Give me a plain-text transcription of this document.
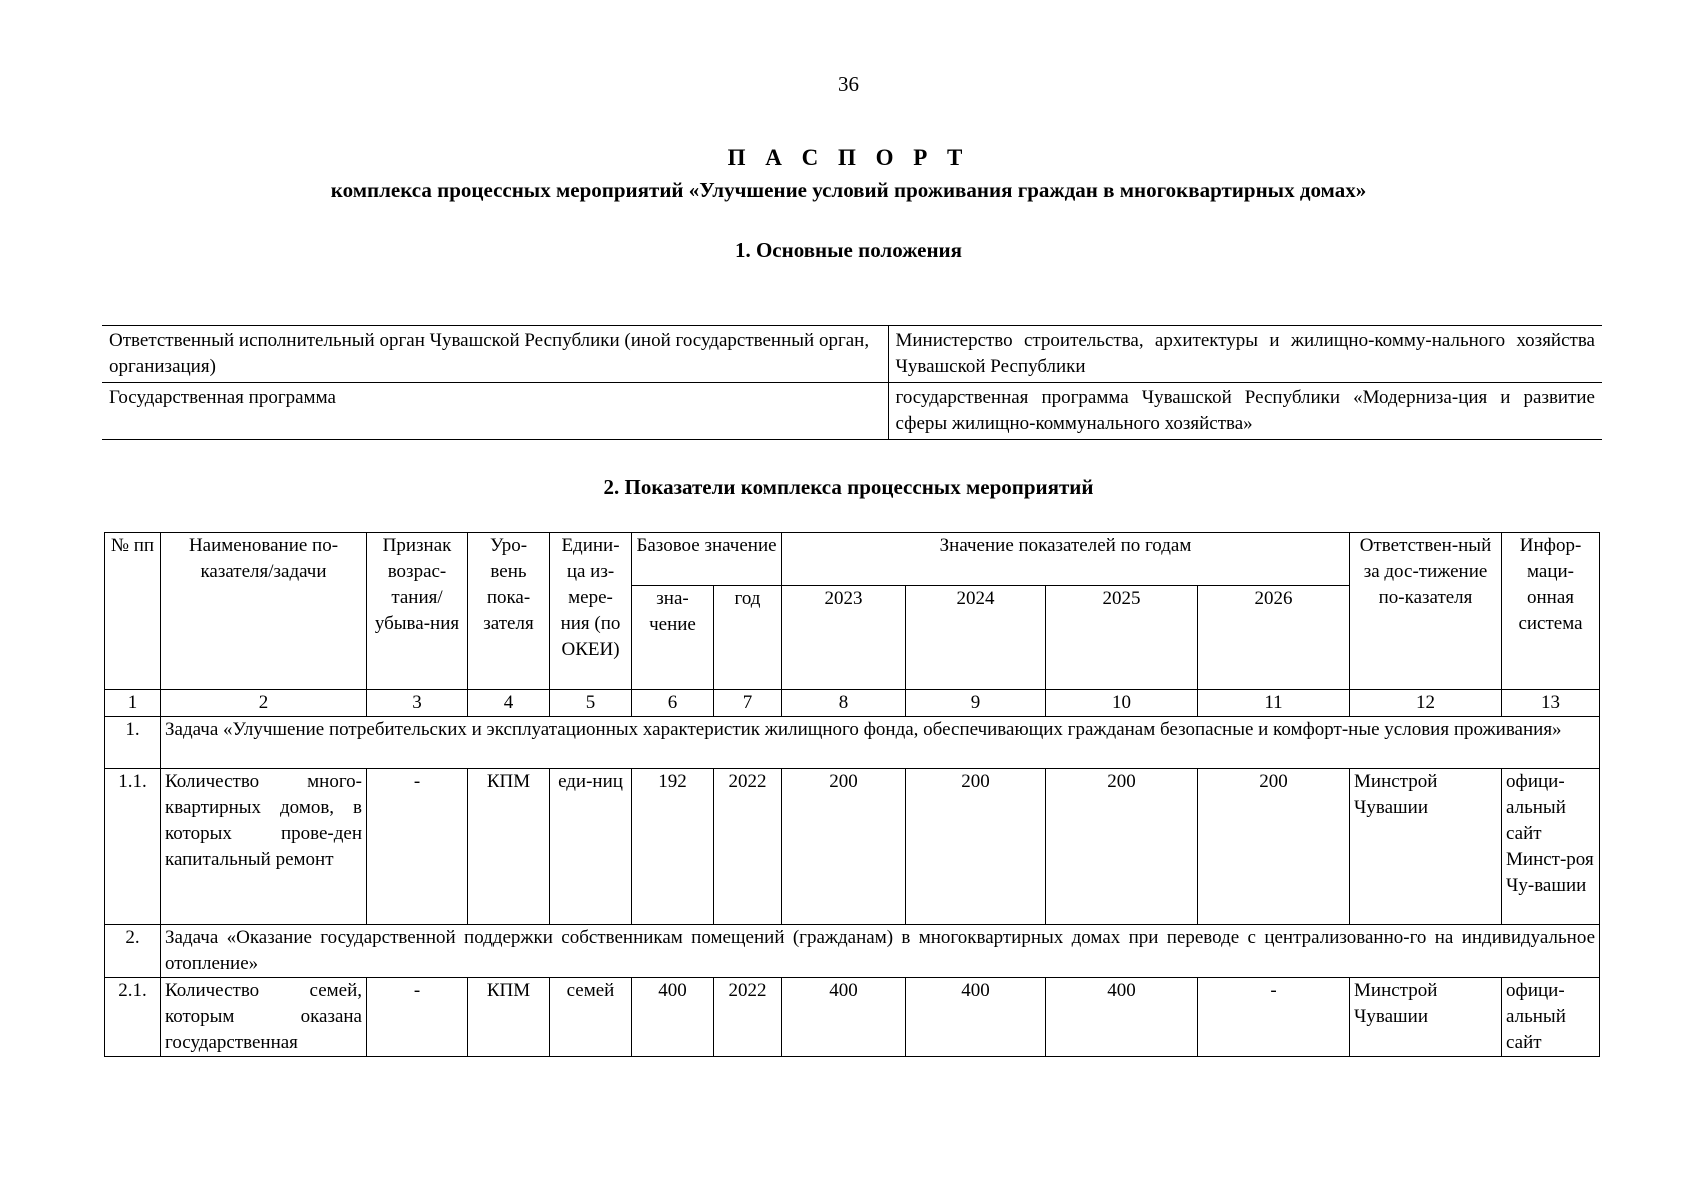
36
П А С П О Р Т
комплекса процессных мероприятий «Улучшение условий проживания граждан в многоквартирных домах»
1. Основные положения
Ответственный исполнительный орган Чувашской Республики (иной государственный орган, организация)	Министерство строительства, архитектуры и жилищно-комму-нального хозяйства Чувашской Республики
Государственная программа	государственная программа Чувашской Республики «Модерниза-ция и развитие сферы жилищно-коммунального хозяйства»
2. Показатели комплекса процессных мероприятий
№ пп	Наименование по-казателя/задачи	Признак возрас-тания/ убыва-ния	Уро-вень пока-зателя	Едини-ца из-мере-ния (по ОКЕИ)	Базовое значение		Значение показателей по годам				Ответствен-ный за дос-тижение по-казателя	Инфор-маци-онная система
					зна-чение	год	2023	2024	2025	2026		
1	2	3	4	5	6	7	8	9	10	11	12	13
1.	Задача «Улучшение потребительских и эксплуатационных характеристик жилищного фонда, обеспечивающих гражданам безопасные и комфорт-ные условия проживания»											
1.1.	Количество много-квартирных домов, в которых прове-ден капитальный ремонт	-	КПМ	еди-ниц	192	2022	200	200	200	200	Минстрой Чувашии	офици-альный сайт Минст-роя Чу-вашии
2.	Задача «Оказание государственной поддержки собственникам помещений (гражданам) в многоквартирных домах при переводе с централизованно-го на индивидуальное отопление»											
2.1.	Количество семей, которым оказана государственная	-	КПМ	семей	400	2022	400	400	400	-	Минстрой Чувашии	офици-альный сайт
